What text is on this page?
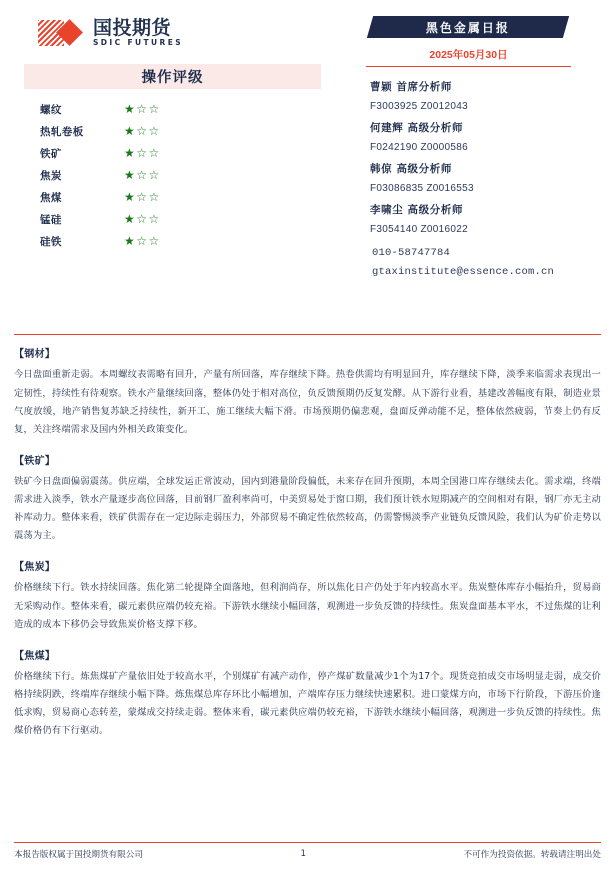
国投期货
SDIC FUTURES
操作评级
螺纹	★☆☆
热轧卷板	★☆☆
铁矿	★☆☆
焦炭	★☆☆
焦煤	★☆☆
锰硅	★☆☆
硅铁	★☆☆
黑色金属日报
2025年05月30日
曹颖 首席分析师
F3003925 Z0012043
何建辉 高级分析师
F0242190 Z0000586
韩倞 高级分析师
F03086835 Z0016553
李啸尘 高级分析师
F3054140 Z0016022
010-58747784
gtaxinstitute@essence.com.cn
【钢材】
今日盘面重新走弱。本周螺纹表需略有回升，产量有所回落，库存继续下降。热卷供需均有明显回升，库存继续下降，淡季来临需求表现出一定韧性，持续性有待观察。铁水产量继续回落，整体仍处于相对高位，负反馈预期仍反复发酵。从下游行业看，基建改善幅度有限，制造业景气度放缓，地产销售复苏缺乏持续性，新开工、施工继续大幅下滑。市场预期仍偏悲观，盘面反弹动能不足，整体依然疲弱，节奏上仍有反复，关注终端需求及国内外相关政策变化。
【铁矿】
铁矿今日盘面偏弱震荡。供应端，全球发运正常波动，国内到港量阶段偏低，未来存在回升预期，本周全国港口库存继续去化。需求端，终端需求进入淡季，铁水产量逐步高位回落，目前钢厂盈利率尚可，中美贸易处于窗口期，我们预计铁水短期减产的空间相对有限，钢厂亦无主动补库动力。整体来看，铁矿供需存在一定边际走弱压力，外部贸易不确定性依然较高，仍需警惕淡季产业链负反馈风险，我们认为矿价走势以震荡为主。
【焦炭】
价格继续下行。铁水持续回落。焦化第二轮提降全面落地，但利润尚存，所以焦化日产仍处于年内较高水平。焦炭整体库存小幅抬升，贸易商无采购动作。整体来看，碳元素供应端仍较充裕。下游铁水继续小幅回落，观测进一步负反馈的持续性。焦炭盘面基本平水，不过焦煤的让利造成的成本下移仍会导致焦炭价格支撑下移。
【焦煤】
价格继续下行。炼焦煤矿产量依旧处于较高水平，个别煤矿有减产动作，停产煤矿数量减少1个为17个。现货竞拍成交市场明显走弱，成交价格持续阴跌，终端库存继续小幅下降。炼焦煤总库存环比小幅增加，产端库存压力继续快速累积。进口蒙煤方向，市场下行阶段，下游压价逢低求购，贸易商心态转差，蒙煤成交持续走弱。整体来看，碳元素供应端仍较充裕，下游铁水继续小幅回落，观测进一步负反馈的持续性。焦煤价格仍有下行驱动。
本报告版权属于国投期货有限公司	1	不可作为投资依据。转载请注明出处
